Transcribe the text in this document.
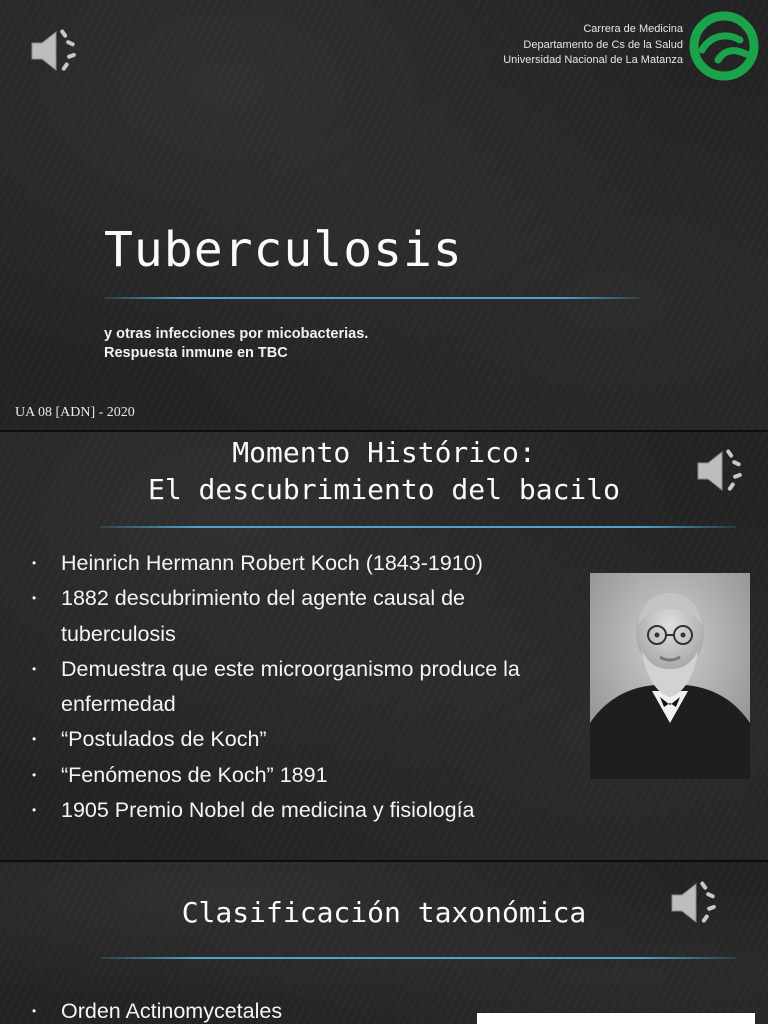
Carrera de Medicina
Departamento de Cs de la Salud
Universidad Nacional de La Matanza
Tuberculosis
y otras infecciones por micobacterias.
Respuesta inmune en TBC
UA 08 [ADN] - 2020
Momento Histórico:
El descubrimiento del bacilo
•	Heinrich Hermann Robert Koch (1843-1910)
•	1882 descubrimiento del agente causal de tuberculosis
•	Demuestra que este microorganismo produce la enfermedad
•	“Postulados de Koch”
•	“Fenómenos de Koch” 1891
•	1905 Premio Nobel de medicina y fisiología
Clasificación taxonómica
•	Orden Actinomycetales
